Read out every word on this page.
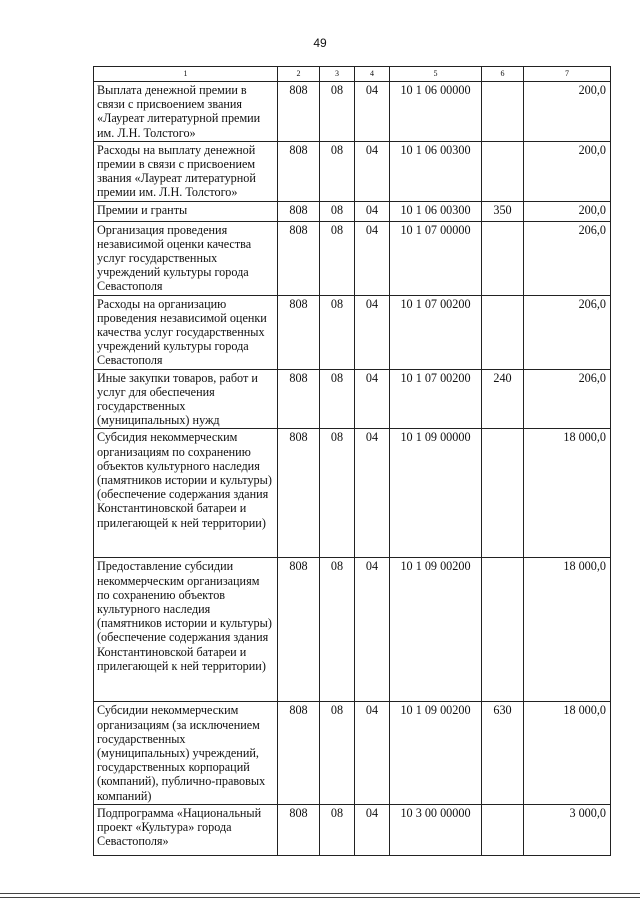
49
1	2	3	4	5	6	7
Выплата денежной премии в связи с присвоением звания «Лауреат литературной премии им. Л.Н. Толстого»	808	08	04	10 1 06 00000		200,0
Расходы на выплату денежной премии в связи с присвоением звания «Лауреат литературной премии им. Л.Н. Толстого»	808	08	04	10 1 06 00300		200,0
Премии и гранты	808	08	04	10 1 06 00300	350	200,0
Организация проведения независимой оценки качества услуг государственных учреждений культуры города Севастополя	808	08	04	10 1 07 00000		206,0
Расходы на организацию проведения независимой оценки качества услуг государственных учреждений культуры города Севастополя	808	08	04	10 1 07 00200		206,0
Иные закупки товаров, работ и услуг для обеспечения государственных (муниципальных) нужд	808	08	04	10 1 07 00200	240	206,0
Субсидия некоммерческим организациям по сохранению объектов культурного наследия (памятников истории и культуры) (обеспечение содержания здания Константиновской батареи и прилегающей к ней территории)	808	08	04	10 1 09 00000		18 000,0
Предоставление субсидии некоммерческим организациям по сохранению объектов культурного наследия (памятников истории и культуры) (обеспечение содержания здания Константиновской батареи и прилегающей к ней территории)	808	08	04	10 1 09 00200		18 000,0
Субсидии некоммерческим организациям (за исключением государственных (муниципальных) учреждений, государственных корпораций (компаний), публично-правовых компаний)	808	08	04	10 1 09 00200	630	18 000,0
Подпрограмма «Национальный проект «Культура» города Севастополя»	808	08	04	10 3 00 00000		3 000,0
